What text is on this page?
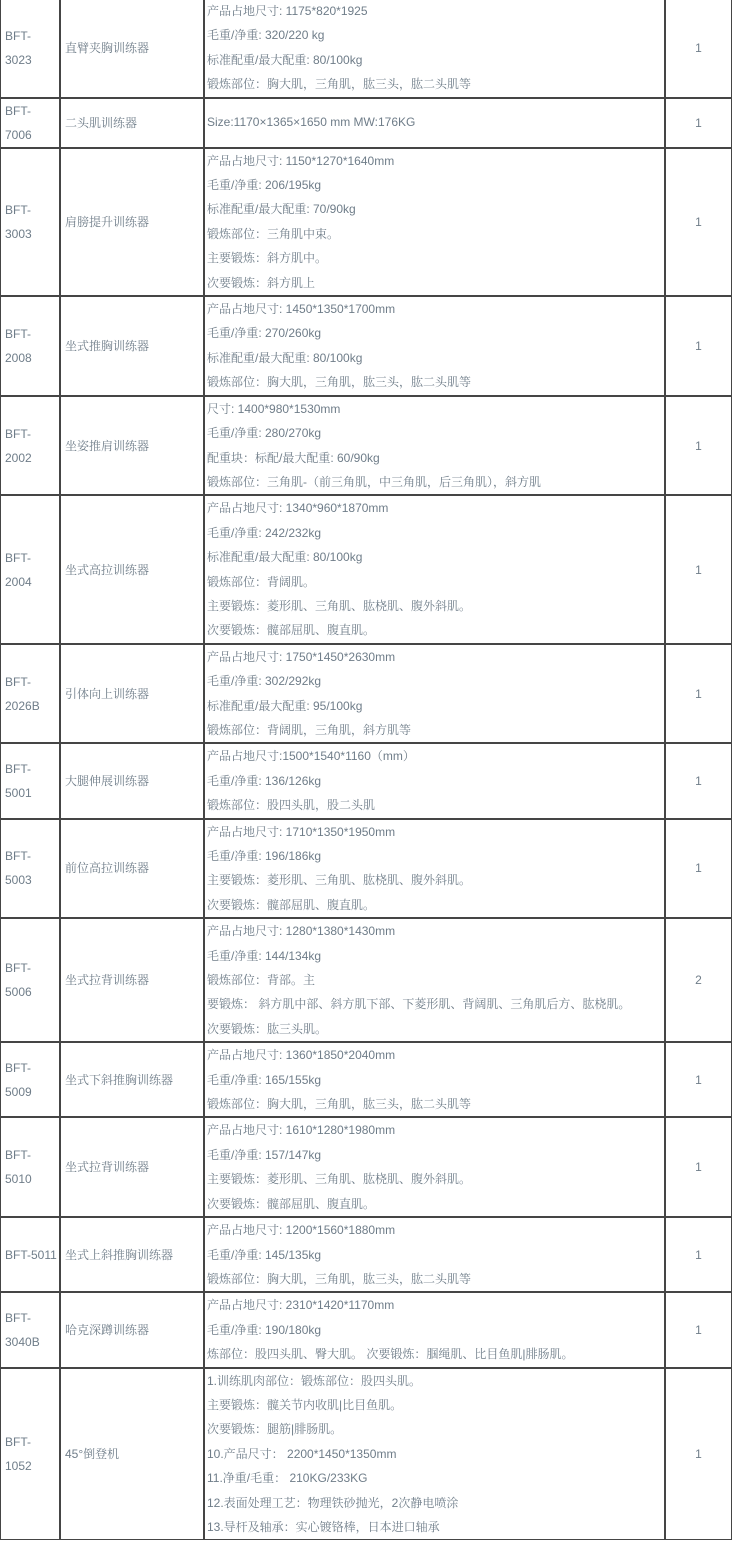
BFT-3023	直臂夹胸训练器	产品占地尺寸: 1175*820*1925
毛重/净重: 320/220 kg
标准配重/最大配重: 80/100kg
锻炼部位：胸大肌，三角肌，肱三头，肱二头肌等	1
BFT-7006	二头肌训练器	Size:1170×1365×1650 mm MW:176KG	1
BFT-3003	肩膀提升训练器	
产品占地尺寸: 1150*1270*1640mm
毛重/净重: 206/195kg
标准配重/最大配重: 70/90kg
锻炼部位：三角肌中束。
主要锻炼：斜方肌中。
次要锻炼：斜方肌上
	1
BFT-2008	坐式推胸训练器	产品占地尺寸: 1450*1350*1700mm
毛重/净重: 270/260kg
标准配重/最大配重: 80/100kg
锻炼部位：胸大肌，三角肌，肱三头，肱二头肌等	1
BFT-2002	坐姿推肩训练器	尺寸: 1400*980*1530mm
毛重/净重: 280/270kg
配重块：标配/最大配重: 60/90kg
锻炼部位：三角肌-（前三角肌，中三角肌，后三角肌），斜方肌	1
BFT-2004	坐式高拉训练器	
产品占地尺寸: 1340*960*1870mm
毛重/净重: 242/232kg
标准配重/最大配重: 80/100kg
锻炼部位：背阔肌。
主要锻炼：菱形肌、三角肌、肱桡肌、腹外斜肌。
次要锻炼：髋部屈肌、腹直肌。
	1
BFT-2026B	引体向上训练器	产品占地尺寸: 1750*1450*2630mm
毛重/净重: 302/292kg
标准配重/最大配重: 95/100kg
锻炼部位：背阔肌，三角肌，斜方肌等	1
BFT-5001	大腿伸展训练器	产品占地尺寸:1500*1540*1160（mm）
毛重/净重: 136/126kg
锻炼部位：股四头肌，股二头肌	1
BFT-5003	前位高拉训练器	产品占地尺寸: 1710*1350*1950mm
毛重/净重: 196/186kg
主要锻炼：菱形肌、三角肌、肱桡肌、腹外斜肌。
次要锻炼：髋部屈肌、腹直肌。	1
BFT-5006	坐式拉背训练器	产品占地尺寸: 1280*1380*1430mm
毛重/净重: 144/134kg
锻炼部位：背部。主
要锻炼： 斜方肌中部、斜方肌下部、下菱形肌、背阔肌、三角肌后方、肱桡肌。
次要锻炼：肱三头肌。	2
BFT-5009	坐式下斜推胸训练器	产品占地尺寸: 1360*1850*2040mm
毛重/净重: 165/155kg
锻炼部位：胸大肌，三角肌，肱三头，肱二头肌等	1
BFT-5010	坐式拉背训练器	产品占地尺寸: 1610*1280*1980mm
毛重/净重: 157/147kg
主要锻炼：菱形肌、三角肌、肱桡肌、腹外斜肌。
次要锻炼：髋部屈肌、腹直肌。	1
BFT-5011	坐式上斜推胸训练器	产品占地尺寸: 1200*1560*1880mm
毛重/净重: 145/135kg
锻炼部位：胸大肌，三角肌，肱三头，肱二头肌等	1
BFT-3040B	哈克深蹲训练器	产品占地尺寸: 2310*1420*1170mm
毛重/净重: 190/180kg
炼部位：股四头肌、臀大肌。 次要锻炼：腘绳肌、比目鱼肌|腓肠肌。	1
BFT-1052	45°倒登机	
1.训练肌肉部位：锻炼部位：股四头肌。
主要锻炼：髋关节内收肌|比目鱼肌。
次要锻炼：腿筋|腓肠肌。
10.产品尺寸： 2200*1450*1350mm
11.净重/毛重： 210KG/233KG
12.表面处理工艺：物理铁砂抛光，2次静电喷涂
13.导杆及轴承：实心镀铬棒，日本进口轴承
	1
